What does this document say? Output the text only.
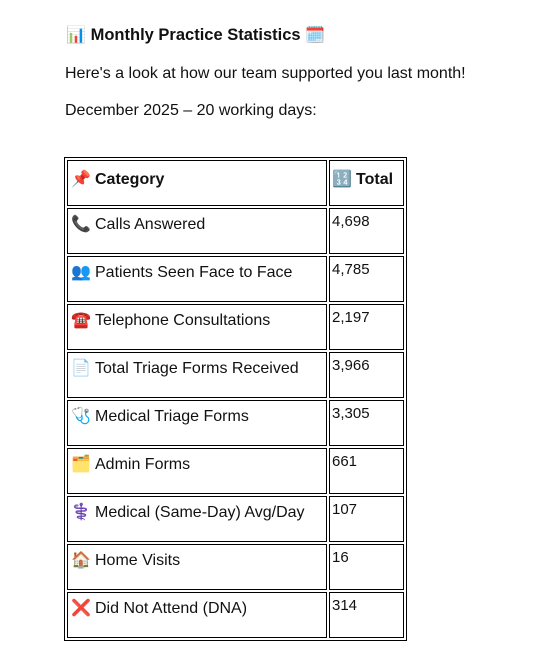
📊 Monthly Practice Statistics 🗓️
Here's a look at how our team supported you last month!
December 2025 – 20 working days:
📌 Category	🔢 Total

📞 Calls Answered	4,698

👥 Patients Seen Face to Face	4,785

☎️ Telephone Consultations	2,197

📄 Total Triage Forms Received	3,966

🩺 Medical Triage Forms	3,305

🗂️ Admin Forms	661

⚕️ Medical (Same-Day) Avg/Day	107

🏠 Home Visits	16

❌ Did Not Attend (DNA)	314
